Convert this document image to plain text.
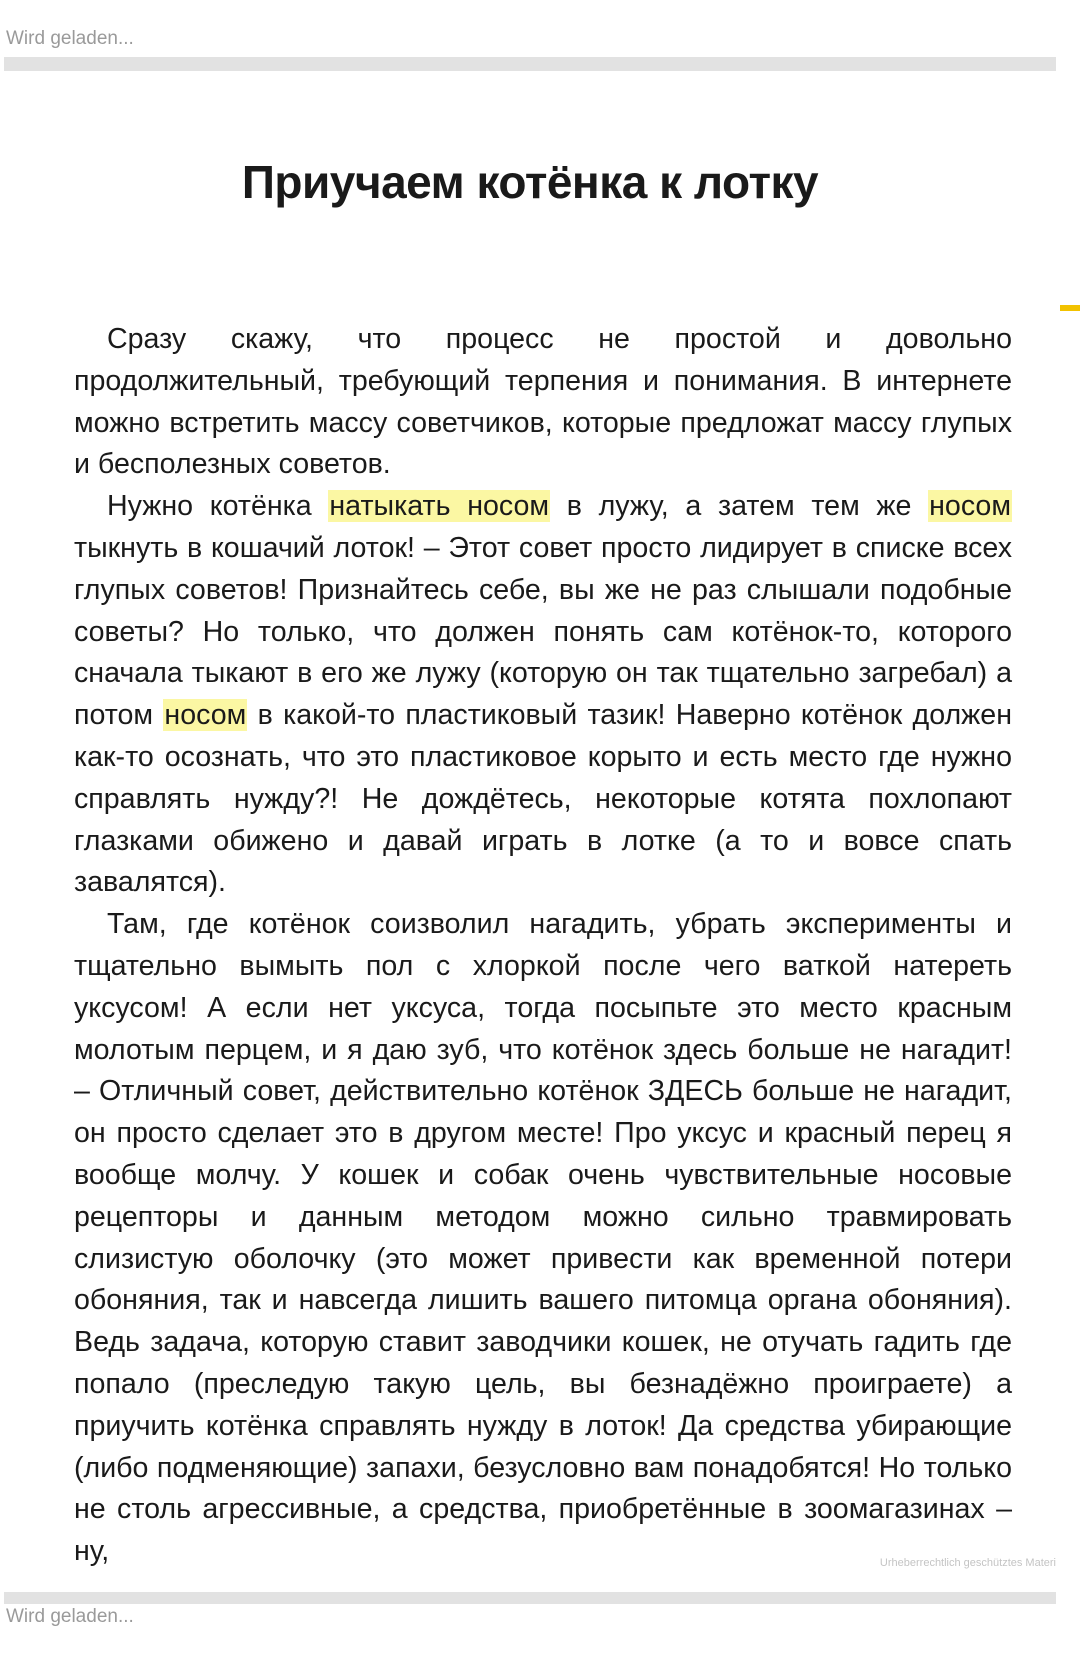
Wird geladen...
Приучаем котёнка к лотку

Сразу скажу, что процесс не простой и довольно продолжительный, требующий терпения и понимания. В интернете можно встретить массу советчиков, которые предложат массу глупых и бесполезных советов.

Нужно котёнка натыкать носом в лужу, а затем тем же носом тыкнуть в кошачий лоток! – Этот совет просто лидирует в списке всех глупых советов! Признайтесь себе, вы же не раз слышали подобные советы? Но только, что должен понять сам котёнок-то, которого сначала тыкают в его же лужу (которую он так тщательно загребал) а потом носом в какой-то пластиковый тазик! Наверно котёнок должен как-то осознать, что это пластиковое корыто и есть место где нужно справлять нужду?! Не дождётесь, некоторые котята похлопают глазками обижено и давай играть в лотке (а то и вовсе спать завалятся).

Там, где котёнок соизволил нагадить, убрать эксперименты и тщательно вымыть пол с хлоркой после чего ваткой натереть уксусом! А если нет уксуса, тогда посыпьте это место красным молотым перцем, и я даю зуб, что котёнок здесь больше не нагадит! – Отличный совет, действительно котёнок ЗДЕСЬ больше не нагадит, он просто сделает это в другом месте! Про уксус и красный перец я вообще молчу. У кошек и собак очень чувствительные носовые рецепторы и данным методом можно сильно травмировать слизистую оболочку (это может привести как временной потери обоняния, так и навсегда лишить вашего питомца органа обоняния). Ведь задача, которую ставит заводчики кошек, не отучать гадить где попало (преследую такую цель, вы безнадёжно проиграете) а приучить котёнка справлять нужду в лоток! Да средства убирающие (либо подменяющие) запахи, безусловно вам понадобятся! Но только не столь агрессивные, а средства, приобретённые в зоомагазинах – ну,	Urheberrechtlich geschütztes Materi
Wird geladen...
